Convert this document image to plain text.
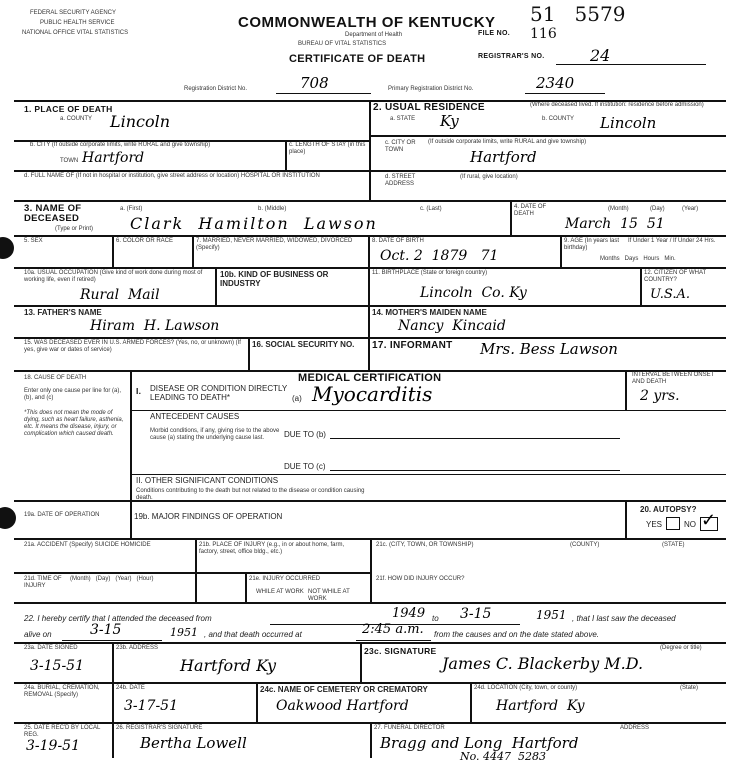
FEDERAL SECURITY AGENCY
PUBLIC HEALTH SERVICE
NATIONAL OFFICE VITAL STATISTICS
COMMONWEALTH OF KENTUCKY
Department of Health
BUREAU OF VITAL STATISTICS
CERTIFICATE OF DEATH
51   5579
FILE NO. 116
REGISTRAR'S NO.	24
Registration District No.	708	Primary Registration District No.	2340
1. PLACE OF DEATH
a. COUNTY Lincoln
b. CITY (If outside corporate limits, write RURAL and give township)
TOWN Hartford
c. LENGTH OF STAY (in this place)
d. FULL NAME OF (If not in hospital or institution, give street address or location) HOSPITAL OR INSTITUTION
2. USUAL RESIDENCE	(Where deceased lived. If institution: residence before admission)
a. STATE Ky	b. COUNTY Lincoln
c. CITY OR TOWN
(If outside corporate limits, write RURAL and give township)
Hartford
d. STREET ADDRESS
(If rural, give location)
3. NAME OF DECEASED
(Type or Print)
a. (First)	b. (Middle)	c. (Last)
Clark  Hamilton  Lawson
4. DATE OF DEATH
(Month)	(Day)	(Year)
March  15  51
5. SEX	6. COLOR OR RACE	7. MARRIED, NEVER MARRIED, WIDOWED, DIVORCED (Specify)
8. DATE OF BIRTH
Oct. 2  1879   71
9. AGE (In years last birthday)
If Under 1 Year / If Under 24 Hrs.
Months   Days   Hours   Min.
10a. USUAL OCCUPATION (Give kind of work done during most of working life, even if retired)
Rural  Mail
10b. KIND OF BUSINESS OR INDUSTRY
11. BIRTHPLACE (State or foreign country)
Lincoln  Co. Ky
12. CITIZEN OF WHAT COUNTRY?
U.S.A.
13. FATHER'S NAME
Hiram  H. Lawson
14. MOTHER'S MAIDEN NAME
Nancy  Kincaid
15. WAS DECEASED EVER IN U.S. ARMED FORCES? (Yes, no, or unknown) (If yes, give war or dates of service)
16. SOCIAL SECURITY NO.	17. INFORMANT Mrs. Bess Lawson
MEDICAL CERTIFICATION
18. CAUSE OF DEATH
Enter only one cause per line for (a), (b), and (c)
INTERVAL BETWEEN ONSET AND DEATH
I. DISEASE OR CONDITION DIRECTLY LEADING TO DEATH*	(a) Myocarditis	2 yrs.
ANTECEDENT CAUSES
Morbid conditions, if any, giving rise to the above cause (a) stating the underlying cause last.	DUE TO (b)
DUE TO (c)
*This does not mean the mode of dying, such as heart failure, asthenia, etc. It means the disease, injury, or complication which caused death.
II. OTHER SIGNIFICANT CONDITIONS
Conditions contributing to the death but not related to the disease or condition causing death.
19a. DATE OF OPERATION	19b. MAJOR FINDINGS OF OPERATION
20. AUTOPSY?
YES	NO ✓
21a. ACCIDENT (Specify) SUICIDE HOMICIDE	21b. PLACE OF INJURY (e.g., in or about home, farm, factory, street, office bldg., etc.)
21c. (CITY, TOWN, OR TOWNSHIP)	(COUNTY)	(STATE)
21d. TIME OF INJURY
(Month)   (Day)   (Year)   (Hour)	21e. INJURY OCCURRED
WHILE AT WORK NOT WHILE AT WORK
21f. HOW DID INJURY OCCUR?
22. I hereby certify that I attended the deceased from	1949 to 3-15	1951 , that I last saw the deceased
alive on	3-15	1951 , and that death occurred at	2:45 a.m. from the causes and on the date stated above.
23a. DATE SIGNED
3-15-51
23b. ADDRESS
Hartford Ky
23c. SIGNATURE	(Degree or title)
James C. Blackerby M.D.
24a. BURIAL, CREMATION, REMOVAL (Specify)
24b. DATE
3-17-51
24c. NAME OF CEMETERY OR CREMATORY
Oakwood Hartford
24d. LOCATION (City, town, or county)	(State)
Hartford  Ky
25. DATE REC'D BY LOCAL REG.
3-19-51
26. REGISTRAR'S SIGNATURE
Bertha Lowell
27. FUNERAL DIRECTOR	ADDRESS
Bragg and Long  Hartford
No. 4447  5283
